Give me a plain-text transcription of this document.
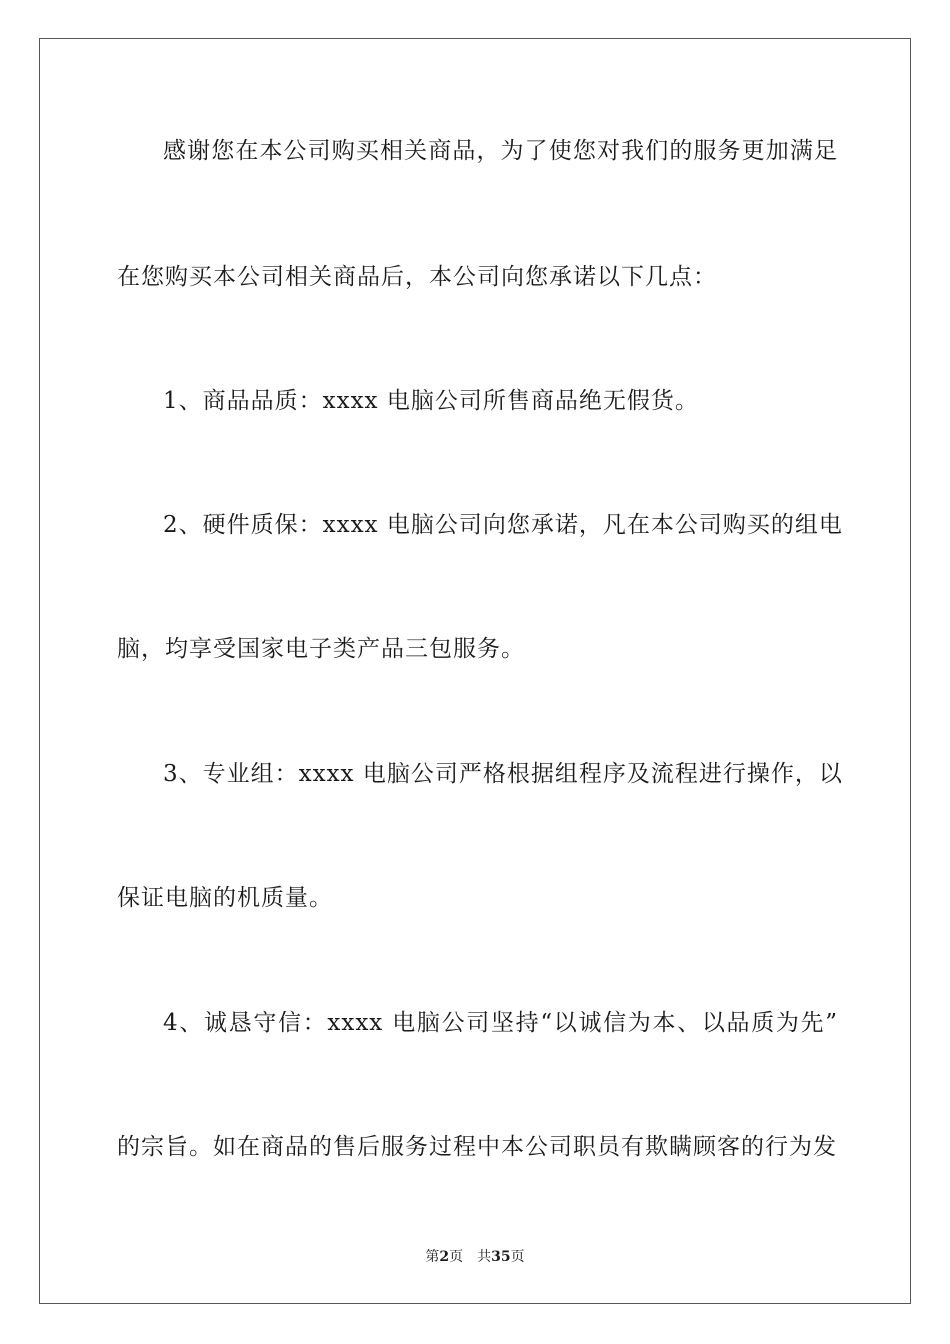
感谢您在本公司购买相关商品，为了使您对我们的服务更加满足
在您购买本公司相关商品后，本公司向您承诺以下几点：
1、商品品质：xxxx 电脑公司所售商品绝无假货。
2、硬件质保：xxxx 电脑公司向您承诺，凡在本公司购买的组电
脑，均享受国家电子类产品三包服务。
3、专业组：xxxx 电脑公司严格根据组程序及流程进行操作，以
保证电脑的机质量。
4、诚恳守信：xxxx 电脑公司坚持“以诚信为本、以品质为先”
的宗旨。如在商品的售后服务过程中本公司职员有欺瞒顾客的行为发
第2页 共35页
